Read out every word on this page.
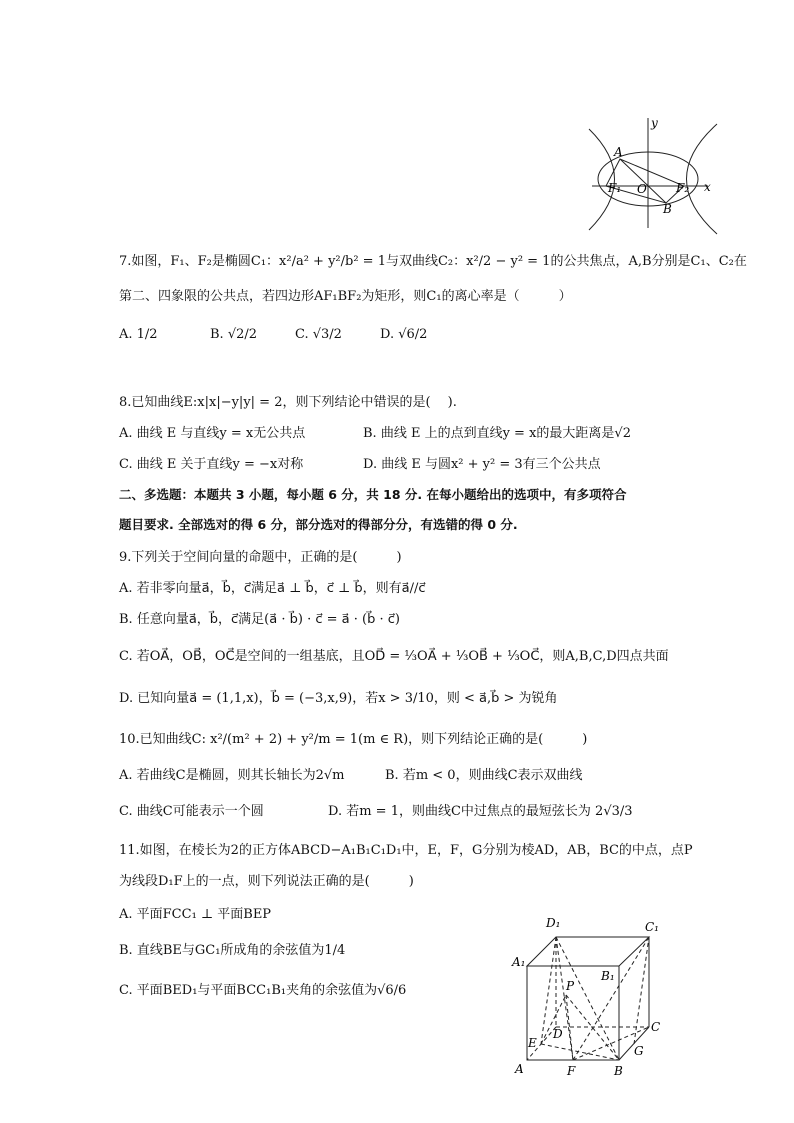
y
x
A
B
O
F₁	F₂
7.如图，F₁、F₂是椭圆C₁：x²/a² + y²/b² = 1与双曲线C₂：x²/2 − y² = 1的公共焦点，A,B分别是C₁、C₂在
第二、四象限的公共点，若四边形AF₁BF₂为矩形，则C₁的离心率是（　　　）
A. 1/2	B. √2/2	C. √3/2	D. √6/2
8.已知曲线E:x|x|−y|y| = 2，则下列结论中错误的是(　 ).
A. 曲线 E 与直线y = x无公共点	B. 曲线 E 上的点到直线y = x的最大距离是√2
C. 曲线 E 关于直线y = −x对称	D. 曲线 E 与圆x² + y² = 3有三个公共点
二、多选题：本题共 3 小题，每小题 6 分，共 18 分. 在每小题给出的选项中，有多项符合
题目要求. 全部选对的得 6 分，部分选对的得部分分，有选错的得 0 分.
9.下列关于空间向量的命题中，正确的是(　　　)
A. 若非零向量a⃗，b⃗，c⃗满足a⃗ ⊥ b⃗，c⃗ ⊥ b⃗，则有a⃗//c⃗
B. 任意向量a⃗，b⃗，c⃗满足(a⃗ · b⃗) · c⃗ = a⃗ · (b⃗ · c⃗)
C. 若OA⃗，OB⃗，OC⃗是空间的一组基底，且OD⃗ = ⅓OA⃗ + ⅓OB⃗ + ⅓OC⃗，则A,B,C,D四点共面
D. 已知向量a⃗ = (1,1,x)，b⃗ = (−3,x,9)，若x > 3/10，则 < a⃗,b⃗ > 为锐角
10.已知曲线C: x²/(m² + 2) + y²/m = 1(m ∈ R)，则下列结论正确的是(　　　)
A. 若曲线C是椭圆，则其长轴长为2√m	B. 若m < 0，则曲线C表示双曲线
C. 曲线C可能表示一个圆	D. 若m = 1，则曲线C中过焦点的最短弦长为 2√3/3
11.如图，在棱长为2的正方体ABCD−A₁B₁C₁D₁中，E，F，G分别为棱AD，AB，BC的中点，点P
为线段D₁F上的一点，则下列说法正确的是(　　　)
A. 平面FCC₁ ⊥ 平面BEP
B. 直线BE与GC₁所成角的余弦值为1/4
C. 平面BED₁与平面BCC₁B₁夹角的余弦值为√6/6
D₁	C₁
A₁
B₁
P
D	C
E
G
A	F	B
